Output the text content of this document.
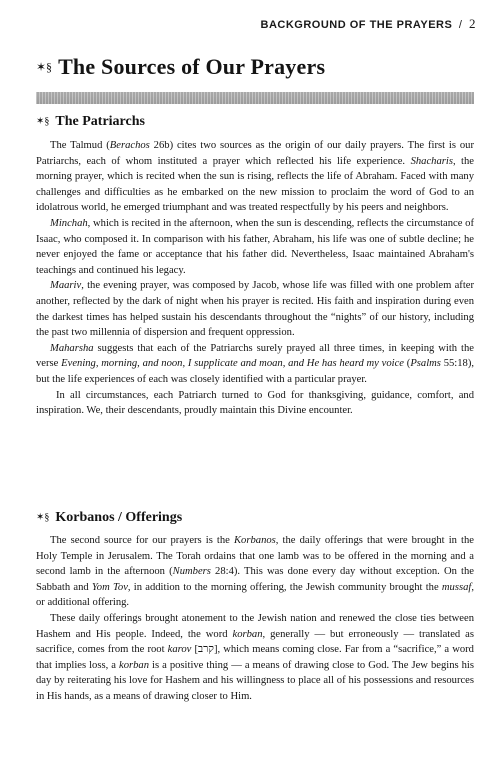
BACKGROUND OF THE PRAYERS / 2
✶§ The Sources of Our Prayers
✶§ The Patriarchs

The Talmud (Berachos 26b) cites two sources as the origin of our daily prayers. The first is our Patriarchs, each of whom instituted a prayer which reflected his life experience. Shacharis, the morning prayer, which is recited when the sun is rising, reflects the life of Abraham. Faced with many challenges and difficulties as he embarked on the new mission to proclaim the word of God to an idolatrous world, he emerged triumphant and was treated respectfully by his peers and neighbors.

Minchah, which is recited in the afternoon, when the sun is descending, reflects the circumstance of Isaac, who composed it. In comparison with his father, Abraham, his life was one of subtle decline; he never enjoyed the fame or acceptance that his father did. Nevertheless, Isaac maintained Abraham's teachings and continued his legacy.

Maariv, the evening prayer, was composed by Jacob, whose life was filled with one problem after another, reflected by the dark of night when his prayer is recited. His faith and inspiration during even the darkest times has helped sustain his descendants throughout the “nights” of our history, including the past two millennia of dispersion and frequent oppression.

Maharsha suggests that each of the Patriarchs surely prayed all three times, in keeping with the verse Evening, morning, and noon, I supplicate and moan, and He has heard my voice (Psalms 55:18), but the life experiences of each was closely identified with a particular prayer.

In all circumstances, each Patriarch turned to God for thanksgiving, guidance, comfort, and inspiration. We, their descendants, proudly maintain this Divine encounter.

✶§ Korbanos / Offerings

The second source for our prayers is the Korbanos, the daily offerings that were brought in the Holy Temple in Jerusalem. The Torah ordains that one lamb was to be offered in the morning and a second lamb in the afternoon (Numbers 28:4). This was done every day without exception. On the Sabbath and Yom Tov, in addition to the morning offering, the Jewish community brought the mussaf, or additional offering.

These daily offerings brought atonement to the Jewish nation and renewed the close ties between Hashem and His people. Indeed, the word korban, generally — but erroneously — translated as sacrifice, comes from the root karov [קרב], which means coming close. Far from a “sacrifice,” a word that implies loss, a korban is a positive thing — a means of drawing close to God. The Jew begins his day by reiterating his love for Hashem and his willingness to place all of his possessions and resources in His hands, as a means of drawing closer to Him.
